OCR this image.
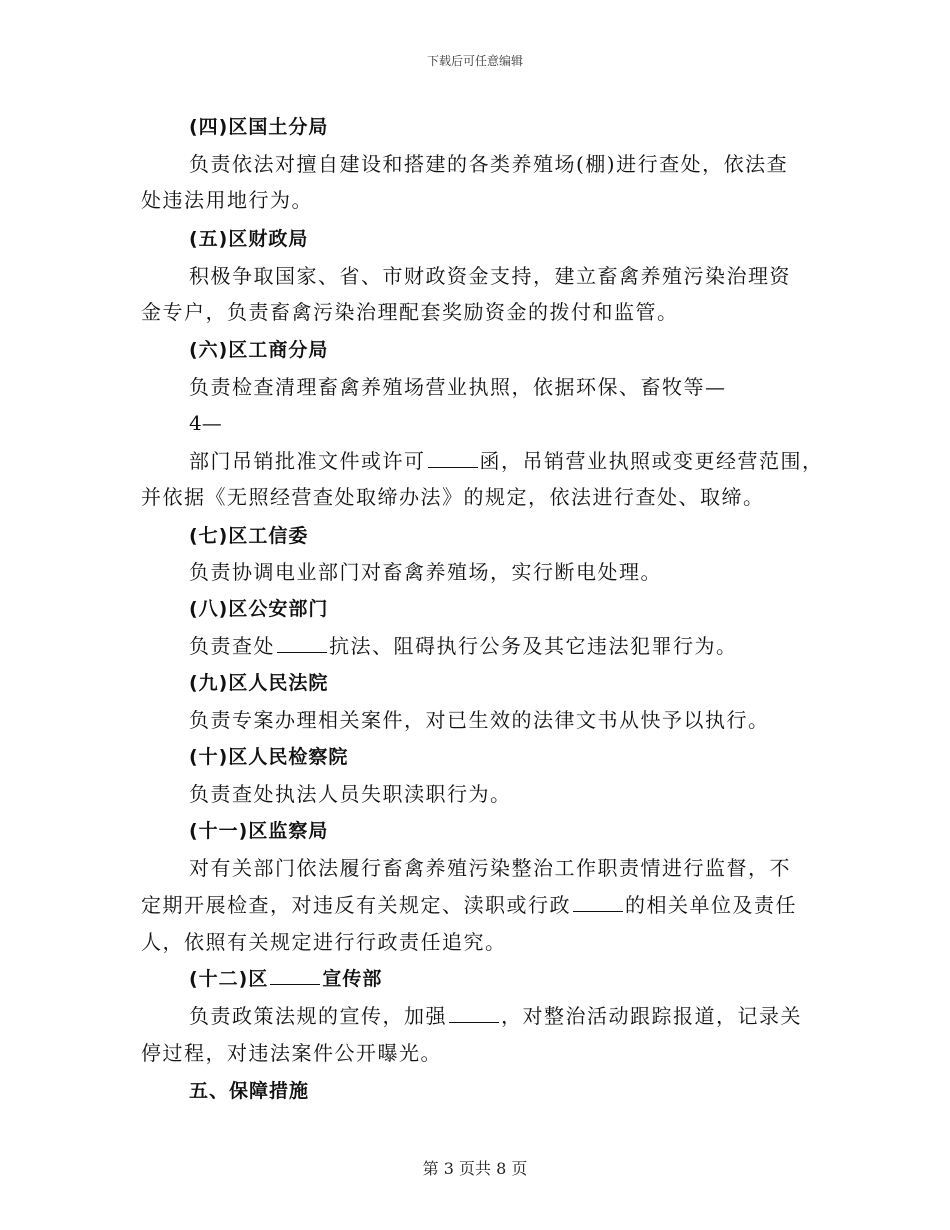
下载后可任意编辑
(四)区国土分局
负责依法对擅自建设和搭建的各类养殖场(棚)进行查处，依法查
处违法用地行为。
(五)区财政局
积极争取国家、省、市财政资金支持，建立畜禽养殖污染治理资
金专户，负责畜禽污染治理配套奖励资金的拨付和监管。
(六)区工商分局
负责检查清理畜禽养殖场营业执照，依据环保、畜牧等—
4—
部门吊销批准文件或许可	函，吊销营业执照或变更经营范围，
并依据《无照经营查处取缔办法》的规定，依法进行查处、取缔。
(七)区工信委
负责协调电业部门对畜禽养殖场，实行断电处理。
(八)区公安部门
负责查处	抗法、阻碍执行公务及其它违法犯罪行为。
(九)区人民法院
负责专案办理相关案件，对已生效的法律文书从快予以执行。
(十)区人民检察院
负责查处执法人员失职渎职行为。
(十一)区监察局
对有关部门依法履行畜禽养殖污染整治工作职责情进行监督，不
定期开展检查，对违反有关规定、渎职或行政	的相关单位及责任
人，依照有关规定进行行政责任追究。
(十二)区	宣传部
负责政策法规的宣传，加强	，对整治活动跟踪报道，记录关
停过程，对违法案件公开曝光。
五、保障措施
第 3 页共 8 页
